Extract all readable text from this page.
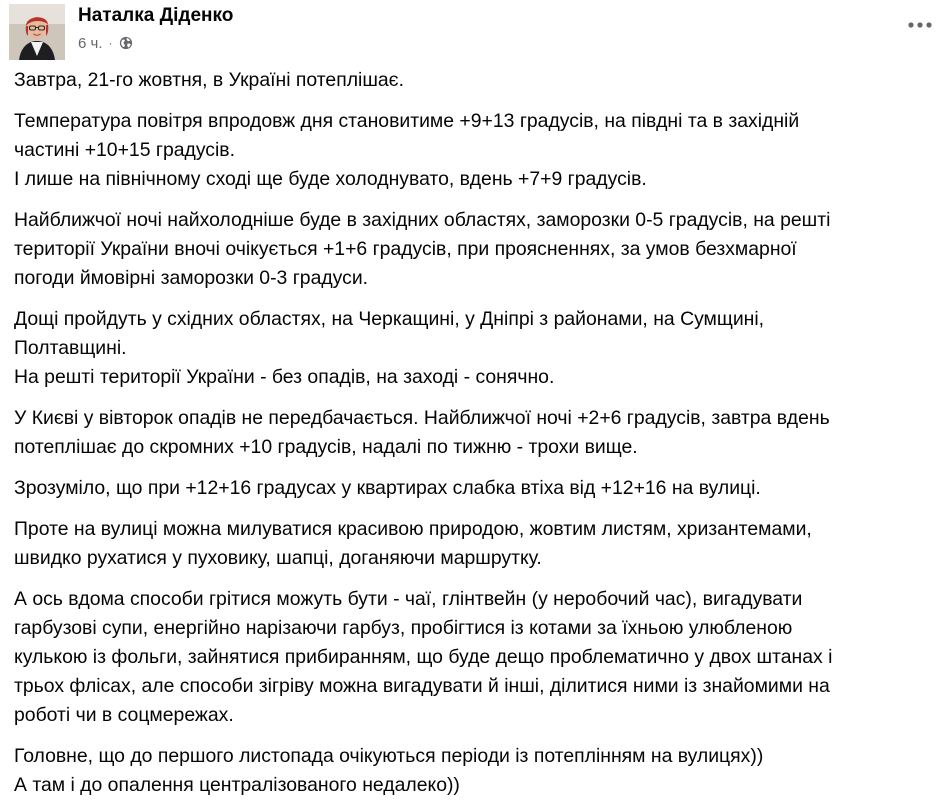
Наталка Діденко
6 ч. ·

Завтра, 21-го жовтня, в Україні потеплішає.

Температура повітря впродовж дня становитиме +9+13 градусів, на півдні та в західній
частині +10+15 градусів.
І лише на північному сході ще буде холоднувато, вдень +7+9 градусів.

Найближчої ночі найхолодніше буде в західних областях, заморозки 0-5 градусів, на решті
території України вночі очікується +1+6 градусів, при проясненнях, за умов безхмарної
погоди ймовірні заморозки 0-3 градуси.

Дощі пройдуть у східних областях, на Черкащині, у Дніпрі з районами, на Сумщині,
Полтавщині.
На решті території України - без опадів, на заході - сонячно.

У Києві у вівторок опадів не передбачається. Найближчої ночі +2+6 градусів, завтра вдень
потеплішає до скромних +10 градусів, надалі по тижню - трохи вище.

Зрозуміло, що при +12+16 градусах у квартирах слабка втіха від +12+16 на вулиці.

Проте на вулиці можна милуватися красивою природою, жовтим листям, хризантемами,
швидко рухатися у пуховику, шапці, доганяючи маршрутку.

А ось вдома способи грітися можуть бути - чаї, глінтвейн (у неробочий час), вигадувати
гарбузові супи, енергійно нарізаючи гарбуз, пробігтися із котами за їхньою улюбленою
кулькою із фольги, зайнятися прибиранням, що буде дещо проблематично у двох штанах і
трьох флісах, але способи зігріву можна вигадувати й інші, ділитися ними із знайомими на
роботі чи в соцмережах.

Головне, що до першого листопада очікуються періоди із потеплінням на вулицях))
А там і до опалення централізованого недалеко))
